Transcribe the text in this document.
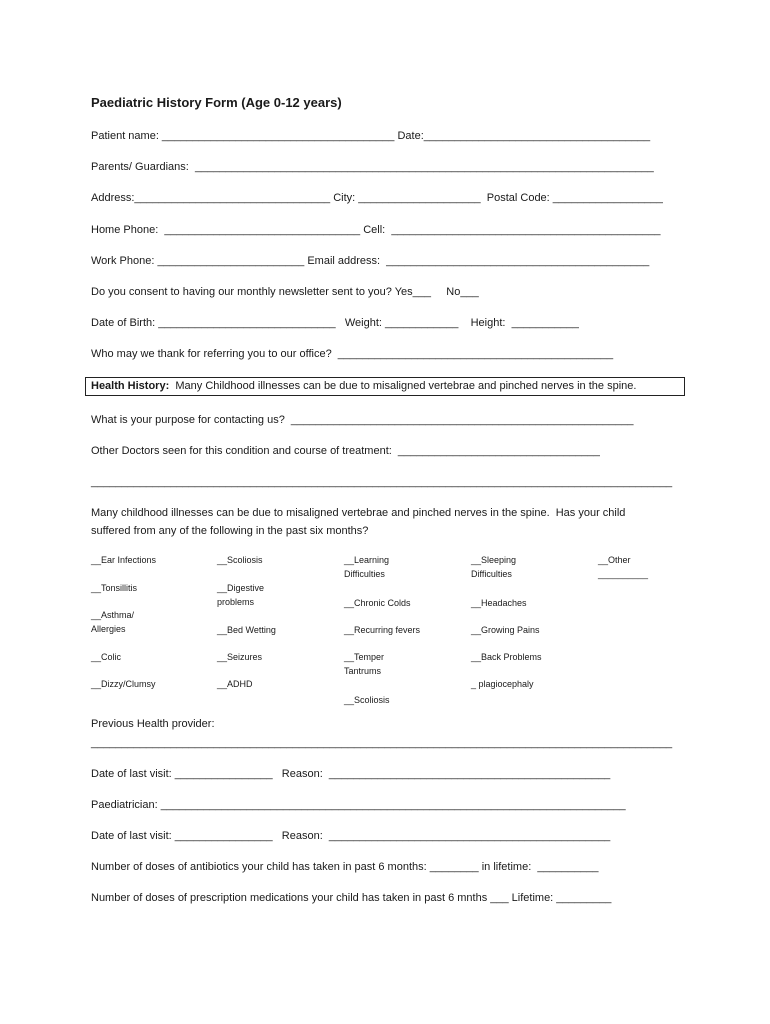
Paediatric History Form (Age 0-12 years)
Patient name: ______________________________________ Date:_____________________________________
Parents/ Guardians:  ___________________________________________________________________________
Address:________________________________ City: ____________________  Postal Code: __________________
Home Phone:  ________________________________ Cell:  ____________________________________________
Work Phone: ________________________ Email address:  ___________________________________________
Do you consent to having our monthly newsletter sent to you? Yes___     No___
Date of Birth: _____________________________   Weight: ____________    Height:  ___________
Who may we thank for referring you to our office?  _____________________________________________
Health History:  Many Childhood illnesses can be due to misaligned vertebrae and pinched nerves in the spine.
What is your purpose for contacting us?  ________________________________________________________
Other Doctors seen for this condition and course of treatment:  _________________________________
_______________________________________________________________________________________________
Many childhood illnesses can be due to misaligned vertebrae and pinched nerves in the spine.  Has your child
suffered from any of the following in the past six months?
__Ear Infections
__Tonsillitis
__Asthma/
Allergies
__Colic
__Dizzy/Clumsy
__Scoliosis
__Digestive
problems
__Bed Wetting
__Seizures
__ADHD
__Learning
Difficulties
__Chronic Colds
__Recurring fevers
__Temper
Tantrums
__Scoliosis
__Sleeping
Difficulties
__Headaches
__Growing Pains
__Back Problems
_ plagiocephaly
__Other
__________
Previous Health provider:
_______________________________________________________________________________________________
Date of last visit: ________________   Reason:  ______________________________________________
Paediatrician: ____________________________________________________________________________
Date of last visit: ________________   Reason:  ______________________________________________
Number of doses of antibiotics your child has taken in past 6 months: ________ in lifetime:  __________
Number of doses of prescription medications your child has taken in past 6 mnths ___ Lifetime: _________
